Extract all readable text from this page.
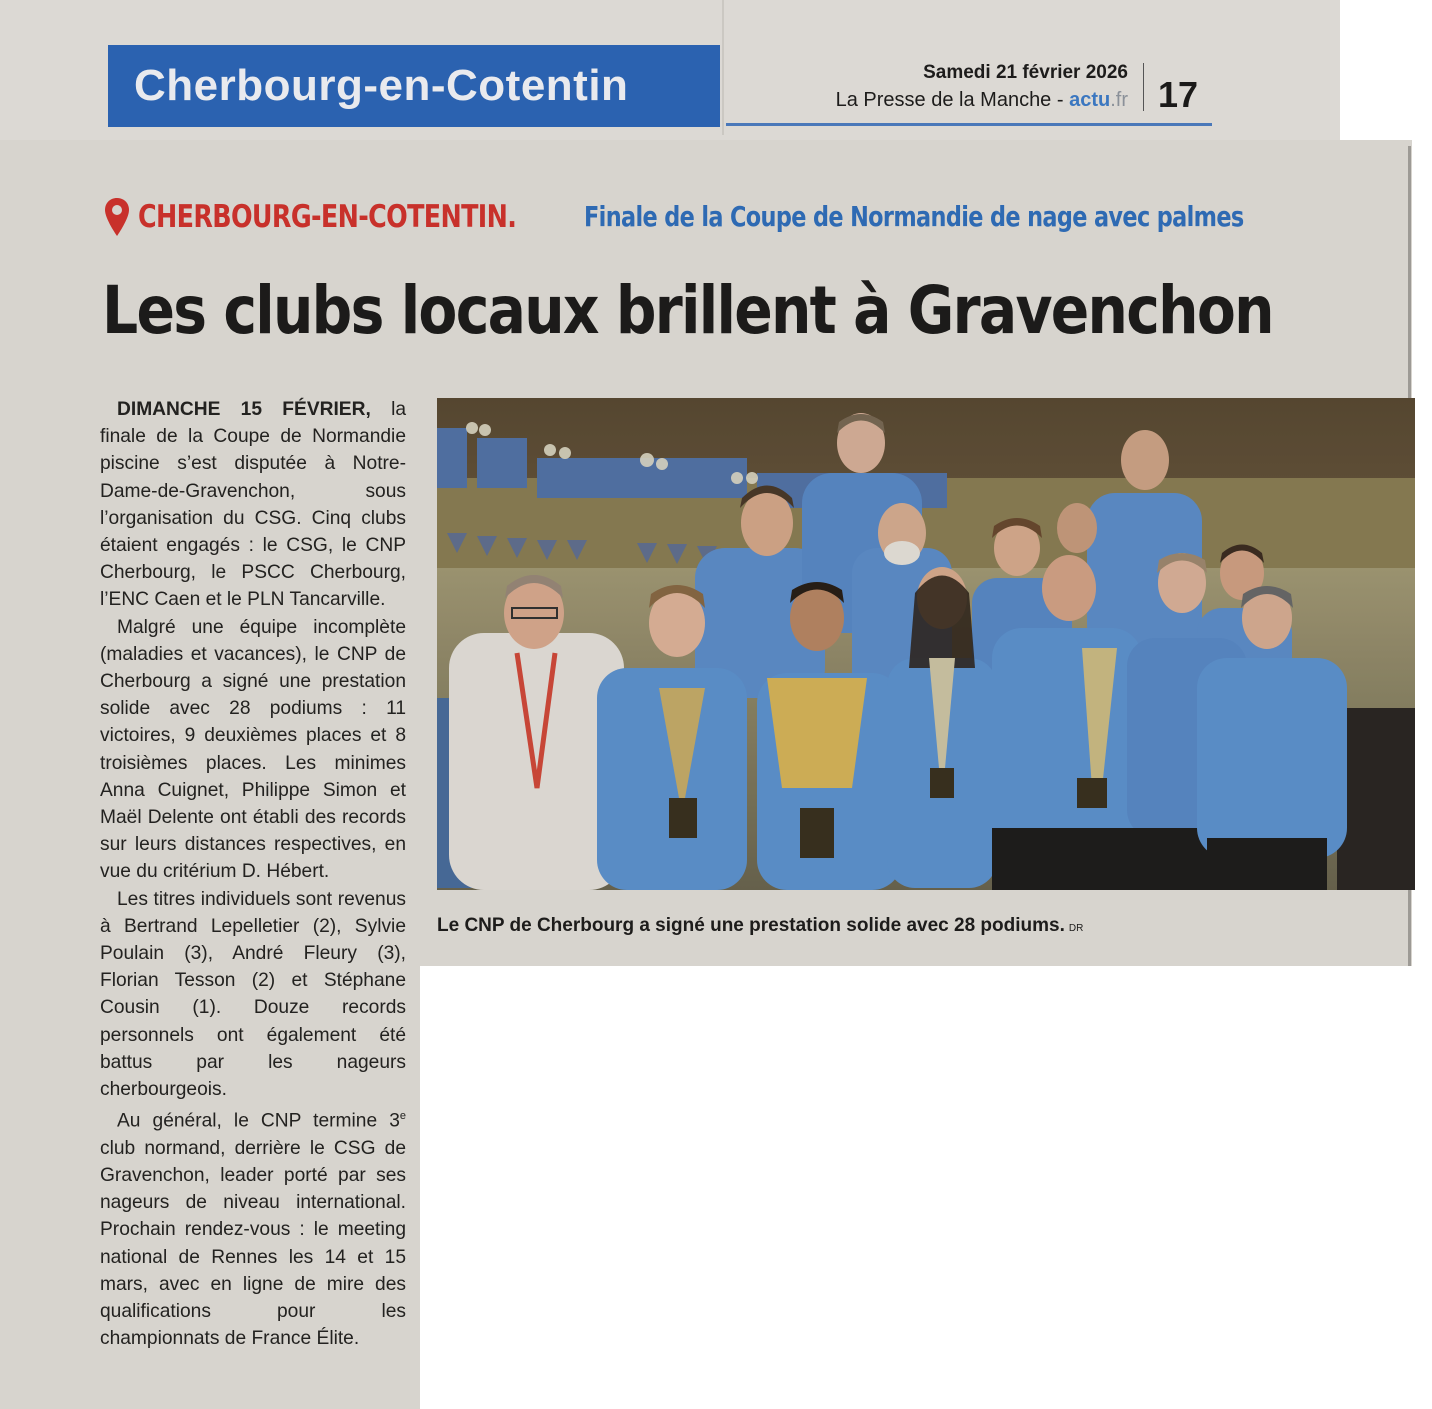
Cherbourg-en-Cotentin	Samedi 21 février 2026
La Presse de la Manche - actu.fr 17
CHERBOURG-EN-COTENTIN. Finale de la Coupe de Normandie de nage avec palmes
Les clubs locaux brillent à Gravenchon

DIMANCHE 15 FÉVRIER, la finale de la Coupe de Normandie piscine s’est disputée à Notre-Dame-de-Gravenchon, sous l’organisation du CSG. Cinq clubs étaient engagés : le CSG, le CNP Cherbourg, le PSCC Cherbourg, l’ENC Caen et le PLN Tancarville.

Malgré une équipe incomplète (maladies et vacances), le CNP de Cherbourg a signé une prestation solide avec 28 podiums : 11 victoires, 9 deuxièmes places et 8 troisièmes places. Les minimes Anna Cuignet, Philippe Simon et Maël Delente ont établi des records sur leurs distances respectives, en vue du critérium D. Hébert.

Les titres individuels sont revenus à Bertrand Lepelletier (2), Sylvie Poulain (3), André Fleury (3), Florian Tesson (2) et Stéphane Cousin (1). Douze records personnels ont également été battus par les nageurs cherbourgeois.

Au général, le CNP termine 3e club normand, derrière le CSG de Gravenchon, leader porté par ses nageurs de niveau international. Prochain rendez-vous : le meeting national de Rennes les 14 et 15 mars, avec en ligne de mire des qualifications pour les championnats de France Élite.

Le CNP de Cherbourg a signé une prestation solide avec 28 podiums. DR
